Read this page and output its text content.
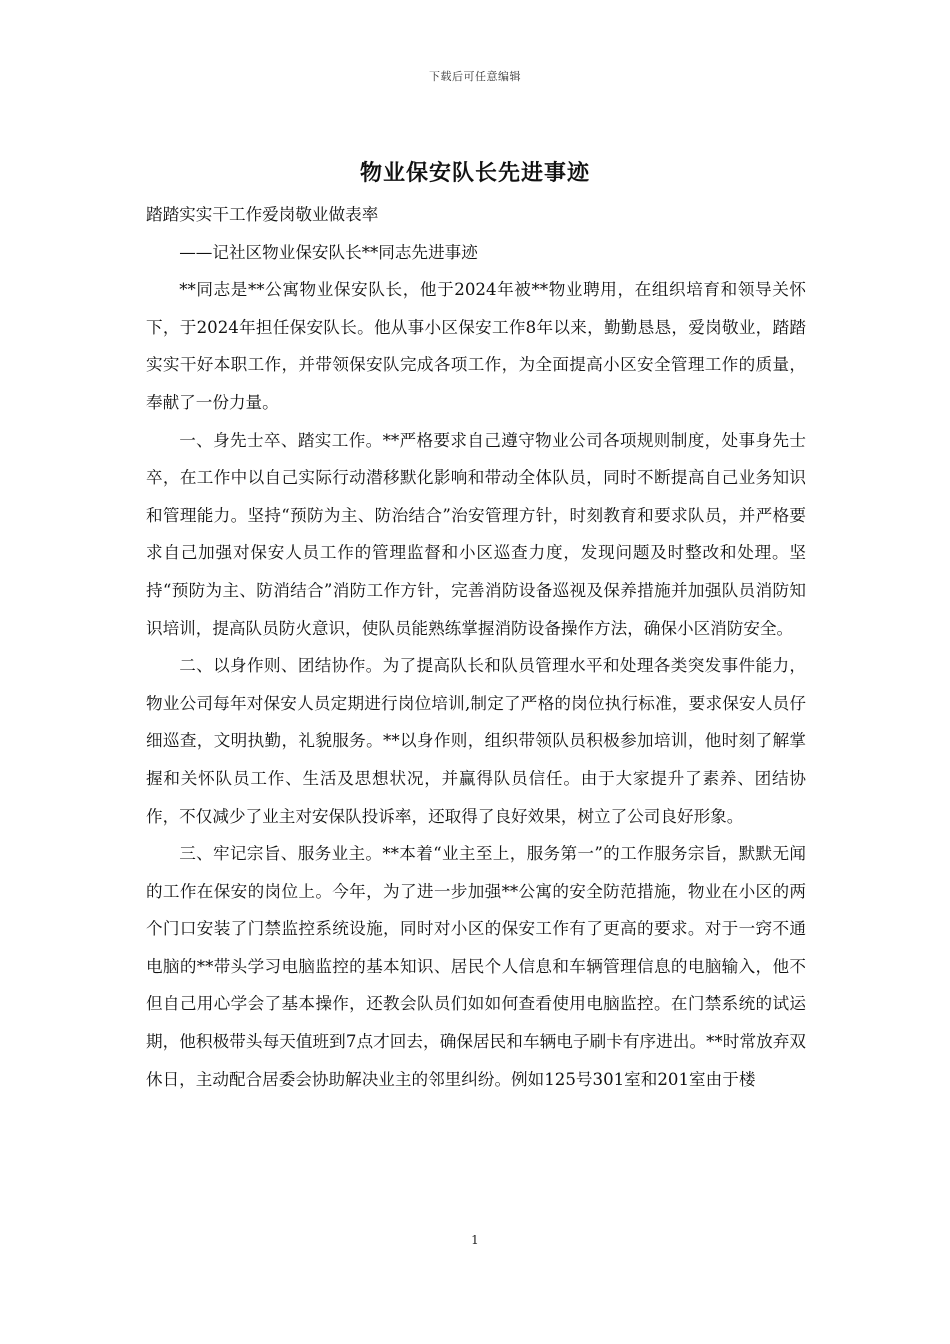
下载后可任意编辑
物业保安队长先进事迹

踏踏实实干工作爱岗敬业做表率

——记社区物业保安队长**同志先进事迹

**同志是**公寓物业保安队长，他于2024年被**物业聘用，在组织培育和领导关怀下，于2024年担任保安队长。他从事小区保安工作8年以来，勤勤恳恳，爱岗敬业，踏踏实实干好本职工作，并带领保安队完成各项工作，为全面提高小区安全管理工作的质量，奉献了一份力量。

一、身先士卒、踏实工作。**严格要求自己遵守物业公司各项规则制度，处事身先士卒，在工作中以自己实际行动潜移默化影响和带动全体队员，同时不断提高自己业务知识和管理能力。坚持“预防为主、防治结合”治安管理方针，时刻教育和要求队员，并严格要求自己加强对保安人员工作的管理监督和小区巡查力度，发现问题及时整改和处理。坚持“预防为主、防消结合”消防工作方针，完善消防设备巡视及保养措施并加强队员消防知识培训，提高队员防火意识，使队员能熟练掌握消防设备操作方法，确保小区消防安全。

二、以身作则、团结协作。为了提高队长和队员管理水平和处理各类突发事件能力，物业公司每年对保安人员定期进行岗位培训,制定了严格的岗位执行标准，要求保安人员仔细巡查，文明执勤，礼貌服务。**以身作则，组织带领队员积极参加培训，他时刻了解掌握和关怀队员工作、生活及思想状况，并赢得队员信任。由于大家提升了素养、团结协作，不仅减少了业主对安保队投诉率，还取得了良好效果，树立了公司良好形象。

三、牢记宗旨、服务业主。**本着“业主至上，服务第一”的工作服务宗旨，默默无闻的工作在保安的岗位上。今年，为了进一步加强**公寓的安全防范措施，物业在小区的两个门口安装了门禁监控系统设施，同时对小区的保安工作有了更高的要求。对于一窍不通电脑的**带头学习电脑监控的基本知识、居民个人信息和车辆管理信息的电脑输入，他不但自己用心学会了基本操作，还教会队员们如如何查看使用电脑监控。在门禁系统的试运期，他积极带头每天值班到7点才回去，确保居民和车辆电子刷卡有序进出。**时常放弃双休日，主动配合居委会协助解决业主的邻里纠纷。例如125号301室和201室由于楼

1
